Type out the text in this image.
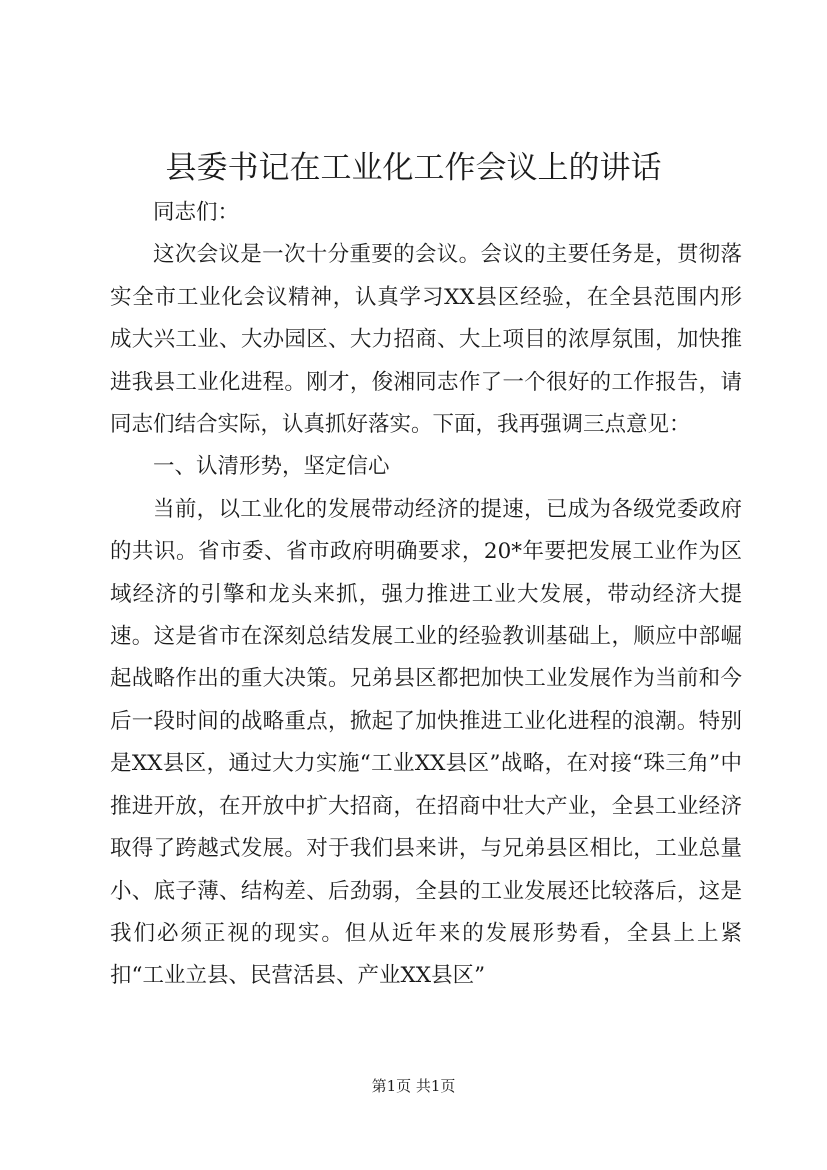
县委书记在工业化工作会议上的讲话

同志们：

这次会议是一次十分重要的会议。会议的主要任务是，贯彻落实全市工业化会议精神，认真学习XX县区经验，在全县范围内形成大兴工业、大办园区、大力招商、大上项目的浓厚氛围，加快推进我县工业化进程。刚才，俊湘同志作了一个很好的工作报告，请同志们结合实际，认真抓好落实。下面，我再强调三点意见：

一、认清形势，坚定信心

当前，以工业化的发展带动经济的提速，已成为各级党委政府的共识。省市委、省市政府明确要求，20*年要把发展工业作为区域经济的引擎和龙头来抓，强力推进工业大发展，带动经济大提速。这是省市在深刻总结发展工业的经验教训基础上，顺应中部崛起战略作出的重大决策。兄弟县区都把加快工业发展作为当前和今后一段时间的战略重点，掀起了加快推进工业化进程的浪潮。特别是XX县区，通过大力实施“工业XX县区”战略，在对接“珠三角”中推进开放，在开放中扩大招商，在招商中壮大产业，全县工业经济取得了跨越式发展。对于我们县来讲，与兄弟县区相比，工业总量小、底子薄、结构差、后劲弱，全县的工业发展还比较落后，这是我们必须正视的现实。但从近年来的发展形势看，全县上上紧扣“工业立县、民营活县、产业XX县区”

第1页 共1页
